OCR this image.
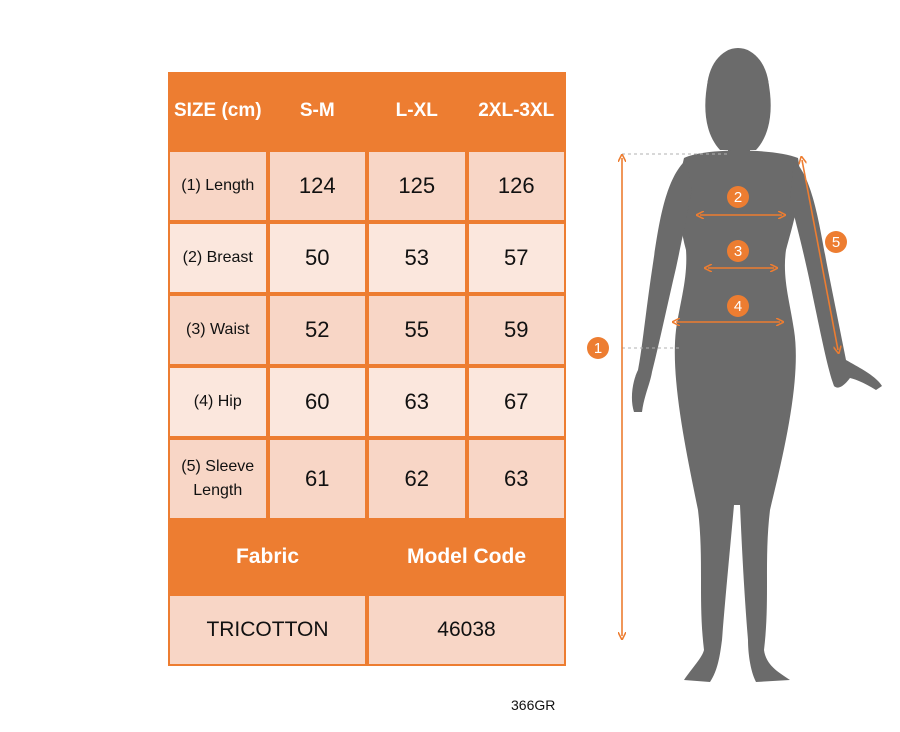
SIZE (cm)	S-M	L-XL	2XL-3XL
(1) Length	124	125	126
(2) Breast	50	53	57
(3) Waist	52	55	59
(4) Hip	60	63	67
(5) Sleeve Length	61	62	63
Fabric		Model Code	
TRICOTTON		46038	
366GR
1
2
3
4
5
